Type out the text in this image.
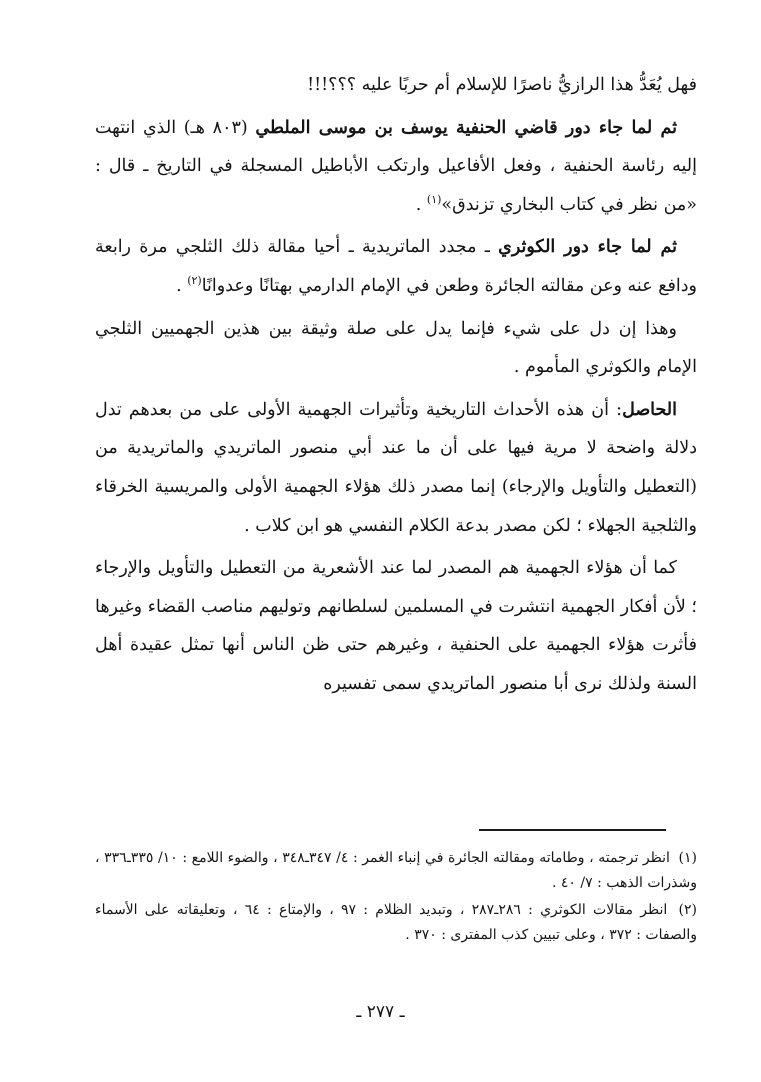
فهل يُعَدُّ هذا الرازيُّ ناصرًا للإسلام أم حربًا عليه ؟؟؟!!!

ثم لما جاء دور قاضي الحنفية يوسف بن موسى الملطي (٨٠٣ هـ) الذي انتهت إليه رئاسة الحنفية ، وفعل الأفاعيل وارتكب الأباطيل المسجلة في التاريخ ـ قال : «من نظر في كتاب البخاري تزندق»$^{(١)}$ .

ثم لما جاء دور الكوثري ـ مجدد الماتريدية ـ أحيا مقالة ذلك الثلجي مرة رابعة ودافع عنه وعن مقالته الجائرة وطعن في الإمام الدارمي بهتانًا وعدوانًا$^{(٢)}$ .

وهذا إن دل على شيء فإنما يدل على صلة وثيقة بين هذين الجهميين الثلجي الإمام والكوثري المأموم .

الحاصل: أن هذه الأحداث التاريخية وتأثيرات الجهمية الأولى على من بعدهم تدل دلالة واضحة لا مرية فيها على أن ما عند أبي منصور الماتريدي والماتريدية من (التعطيل والتأويل والإرجاء) إنما مصدر ذلك هؤلاء الجهمية الأولى والمريسية الخرقاء والثلجية الجهلاء ؛ لكن مصدر بدعة الكلام النفسي هو ابن كلاب .

كما أن هؤلاء الجهمية هم المصدر لما عند الأشعرية من التعطيل والتأويل والإرجاء ؛ لأن أفكار الجهمية انتشرت في المسلمين لسلطانهم وتوليهم مناصب القضاء وغيرها فأثرت هؤلاء الجهمية على الحنفية ، وغيرهم حتى ظن الناس أنها تمثل عقيدة أهل السنة ولذلك نرى أبا منصور الماتريدي سمى تفسيره

(١) انظر ترجمته ، وطاماته ومقالته الجائرة في إنباء الغمر : ٤/ ٣٤٧ـ٣٤٨ ، والضوء اللامع : ١٠/ ٣٣٥ـ٣٣٦ ، وشذرات الذهب : ٧/ ٤٠ .

(٢) انظر مقالات الكوثري : ٢٨٦ـ٢٨٧ ، وتبديد الظلام : ٩٧ ، والإمتاع : ٦٤ ، وتعليقاته على الأسماء والصفات : ٣٧٢ ، وعلى تبيين كذب المفترى : ٣٧٠ .

ـ ٢٧٧ ـ
